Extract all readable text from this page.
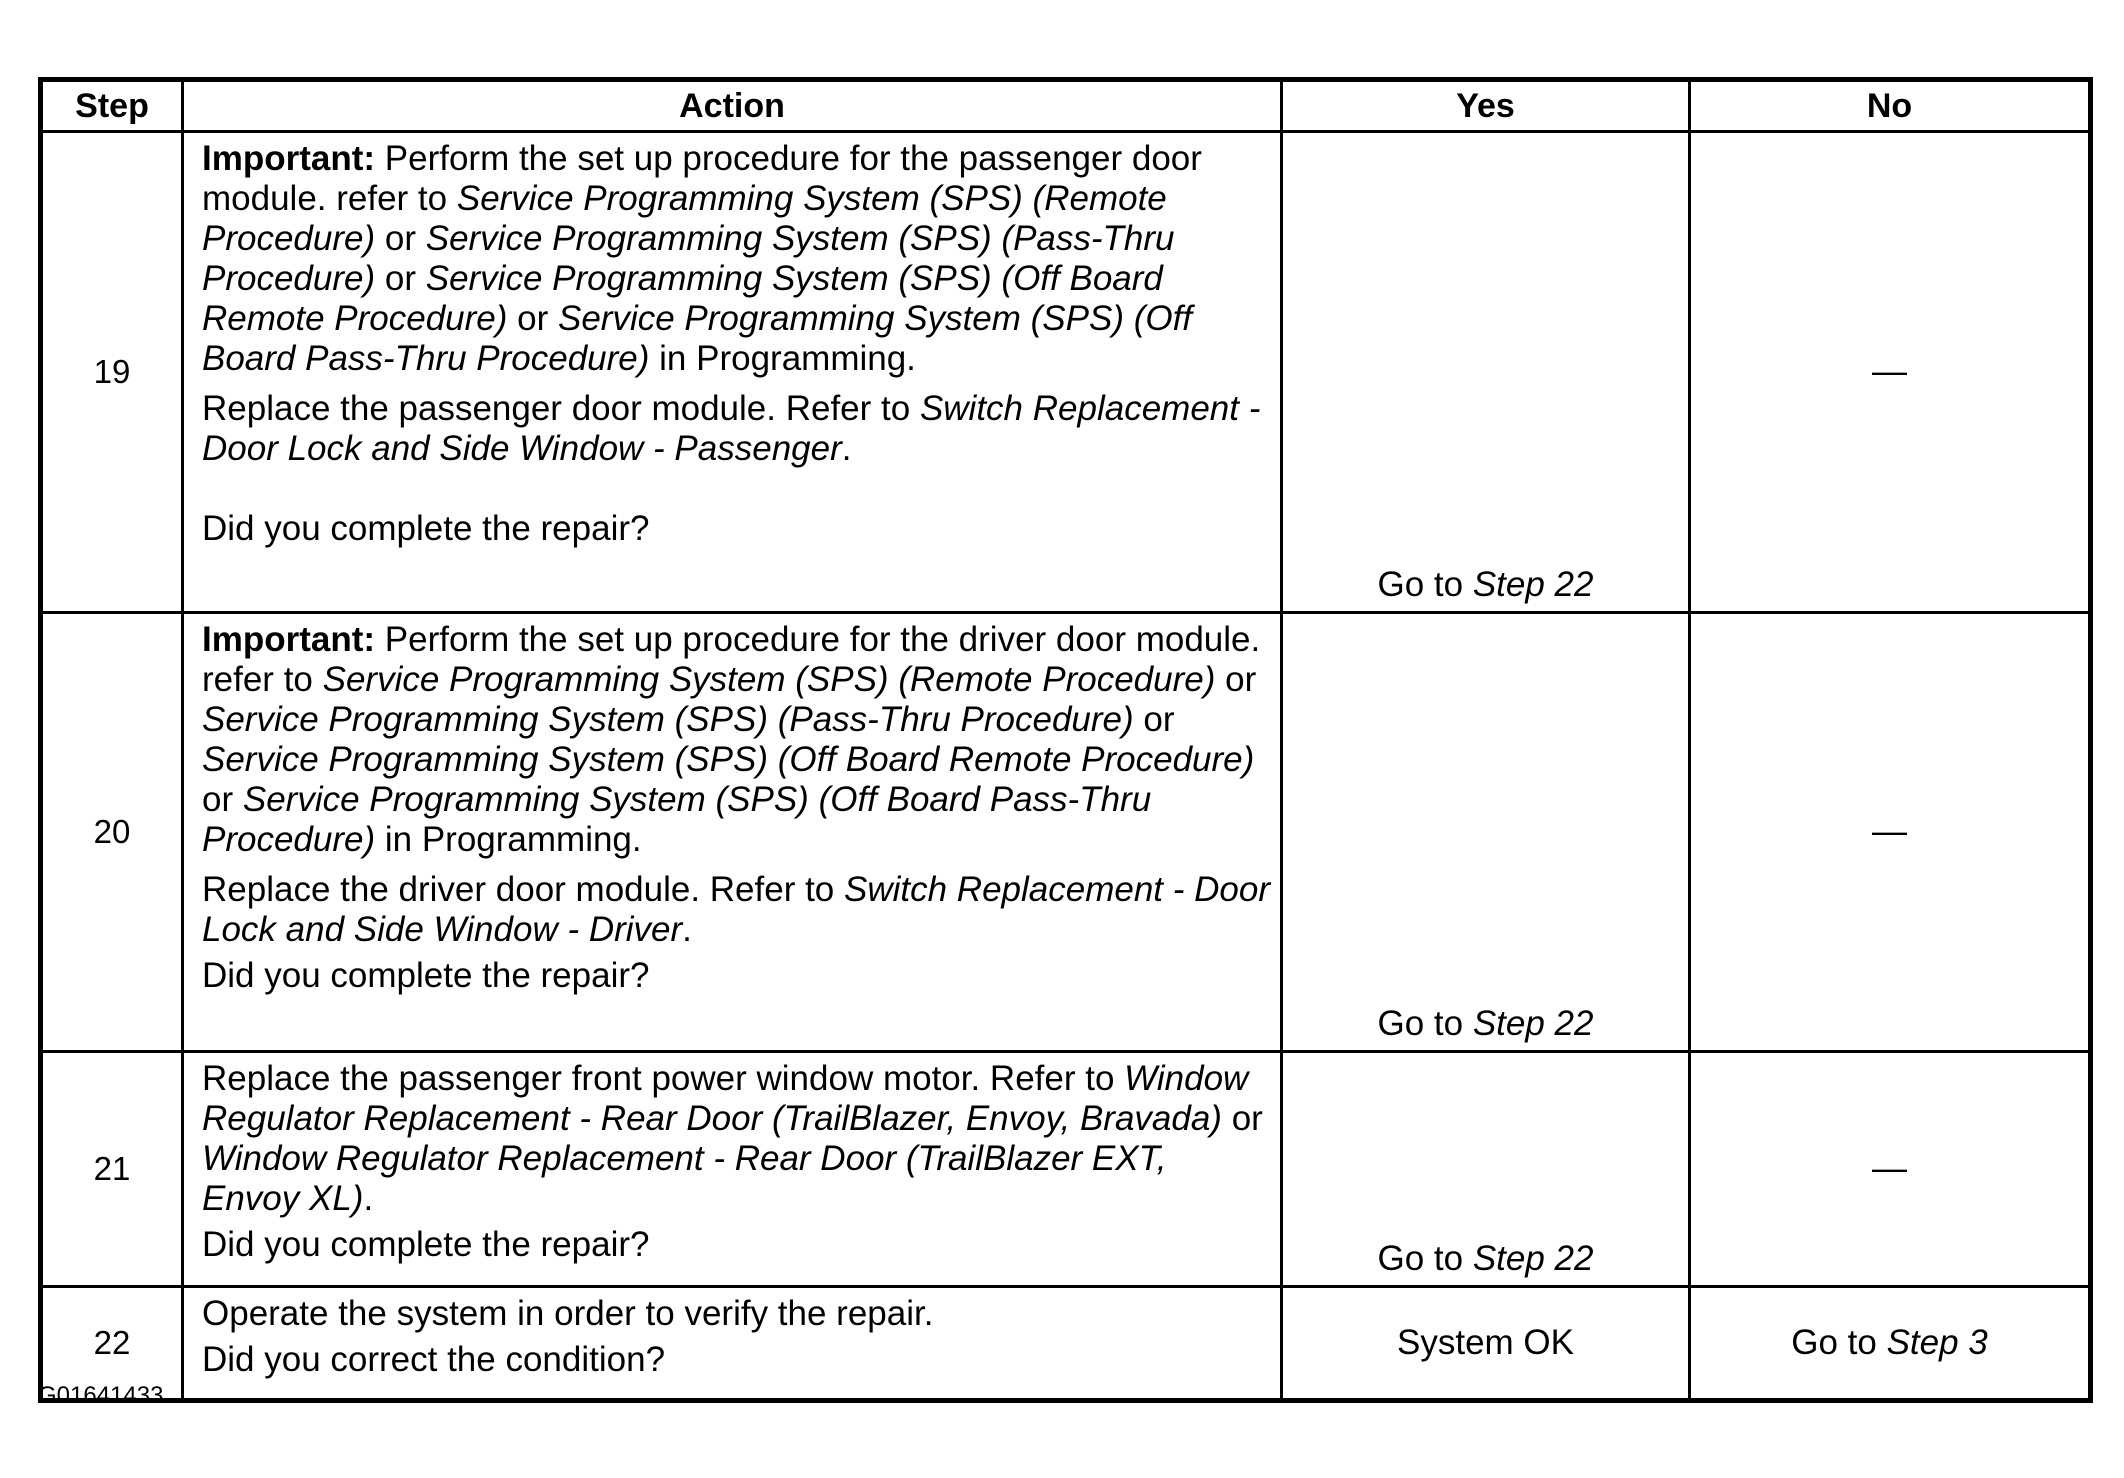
Step	Action	Yes	No
19	Important: Perform the set up procedure for the passenger door module. refer to Service Programming System (SPS) (Remote Procedure) or Service Programming System (SPS) (Pass-Thru Procedure) or Service Programming System (SPS) (Off Board Remote Procedure) or Service Programming System (SPS) (Off Board Pass-Thru Procedure) in Programming.

Replace the passenger door module. Refer to Switch Replacement - Door Lock and Side Window - Passenger.

Did you complete the repair?	Go to Step 22	—
20	Important: Perform the set up procedure for the driver door module. refer to Service Programming System (SPS) (Remote Procedure) or Service Programming System (SPS) (Pass-Thru Procedure) or Service Programming System (SPS) (Off Board Remote Procedure) or Service Programming System (SPS) (Off Board Pass-Thru Procedure) in Programming.

Replace the driver door module. Refer to Switch Replacement - Door Lock and Side Window - Driver.

Did you complete the repair?	Go to Step 22	—
21	Replace the passenger front power window motor. Refer to Window Regulator Replacement - Rear Door (TrailBlazer, Envoy, Bravada) or Window Regulator Replacement - Rear Door (TrailBlazer EXT, Envoy XL).

Did you complete the repair?	Go to Step 22	—
22	Operate the system in order to verify the repair.

Did you correct the condition?	System OK	Go to Step 3
G01641433
